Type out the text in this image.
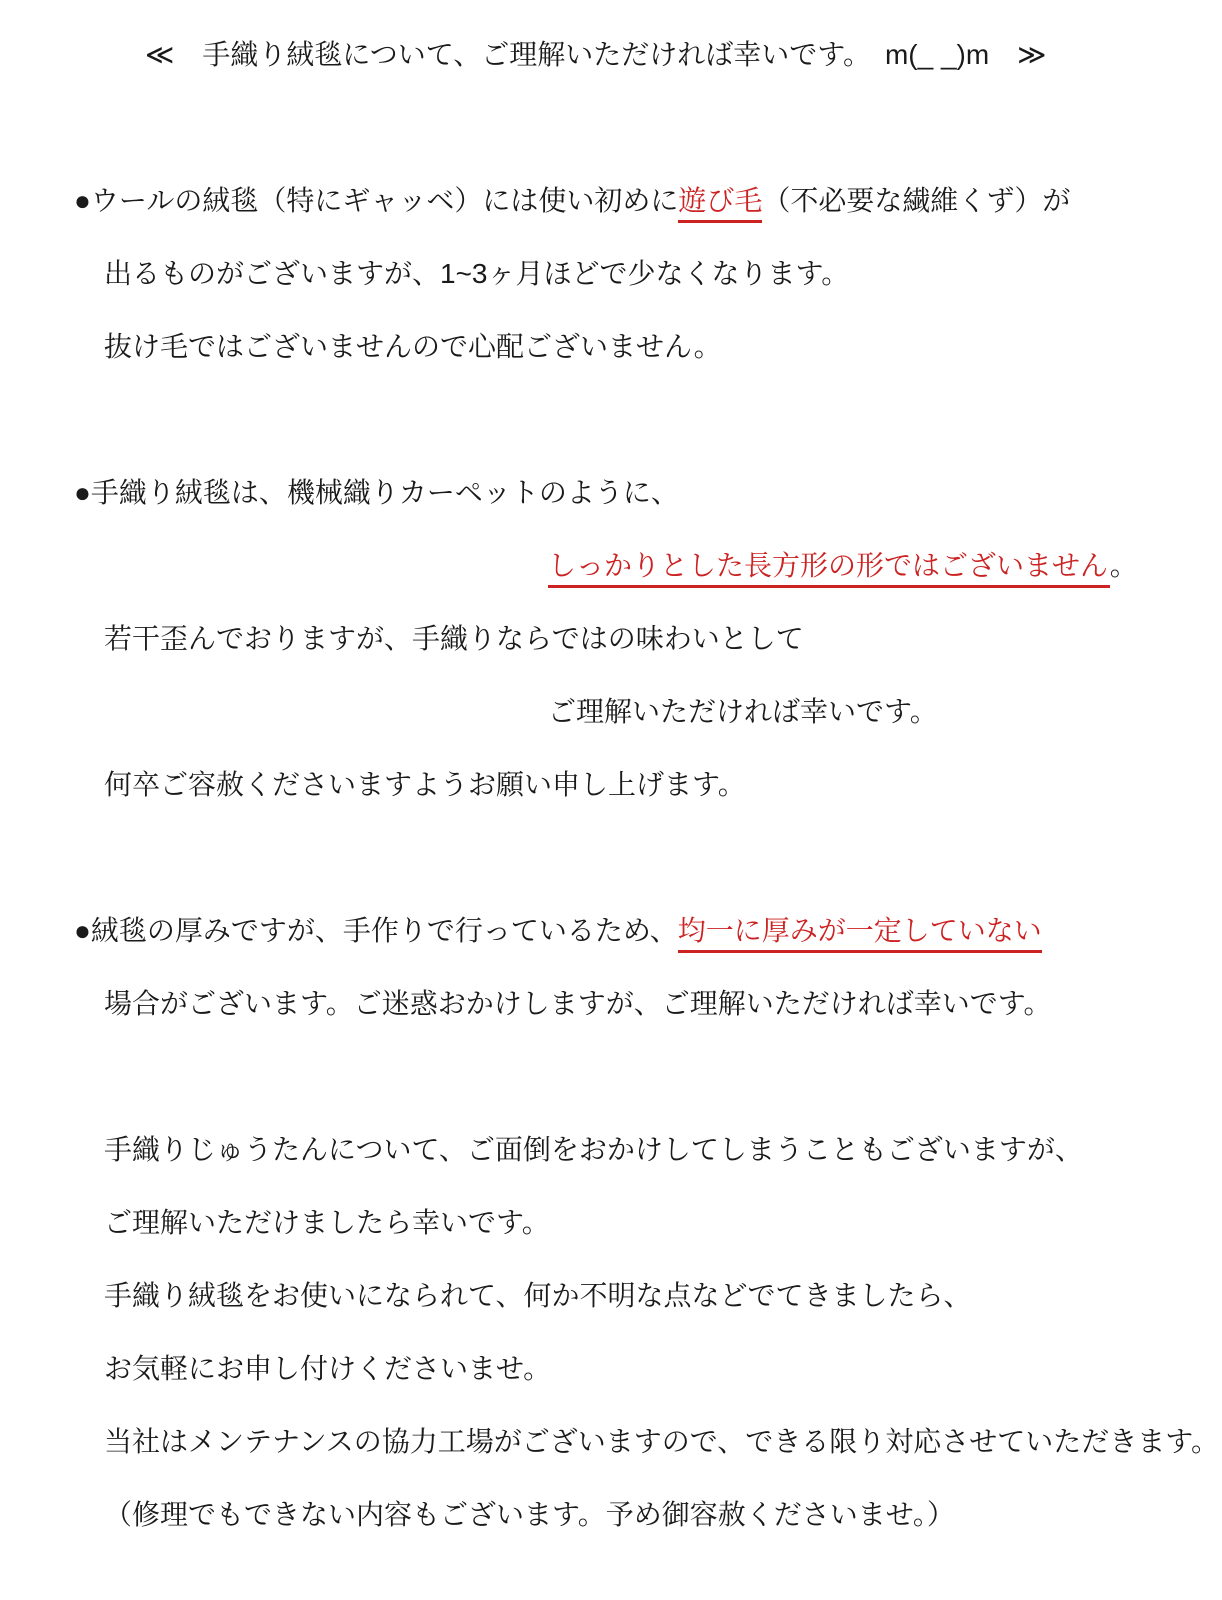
≪　手織り絨毯について、ご理解いただければ幸いです。　m(_ _)m　≫
●ウールの絨毯（特にギャッベ）には使い初めに遊び毛（不必要な繊維くず）が
出るものがございますが、1~3ヶ月ほどで少なくなります。
抜け毛ではございませんので心配ございません。
●手織り絨毯は、機械織りカーペットのように、
しっかりとした長方形の形ではございません。
若干歪んでおりますが、手織りならではの味わいとして
ご理解いただければ幸いです。
何卒ご容赦くださいますようお願い申し上げます。
●絨毯の厚みですが、手作りで行っているため、均一に厚みが一定していない
場合がございます。ご迷惑おかけしますが、ご理解いただければ幸いです。
手織りじゅうたんについて、ご面倒をおかけしてしまうこともございますが、
ご理解いただけましたら幸いです。
手織り絨毯をお使いになられて、何か不明な点などでてきましたら、
お気軽にお申し付けくださいませ。
当社はメンテナンスの協力工場がございますので、できる限り対応させていただきます。
（修理でもできない内容もございます。予め御容赦くださいませ。）
